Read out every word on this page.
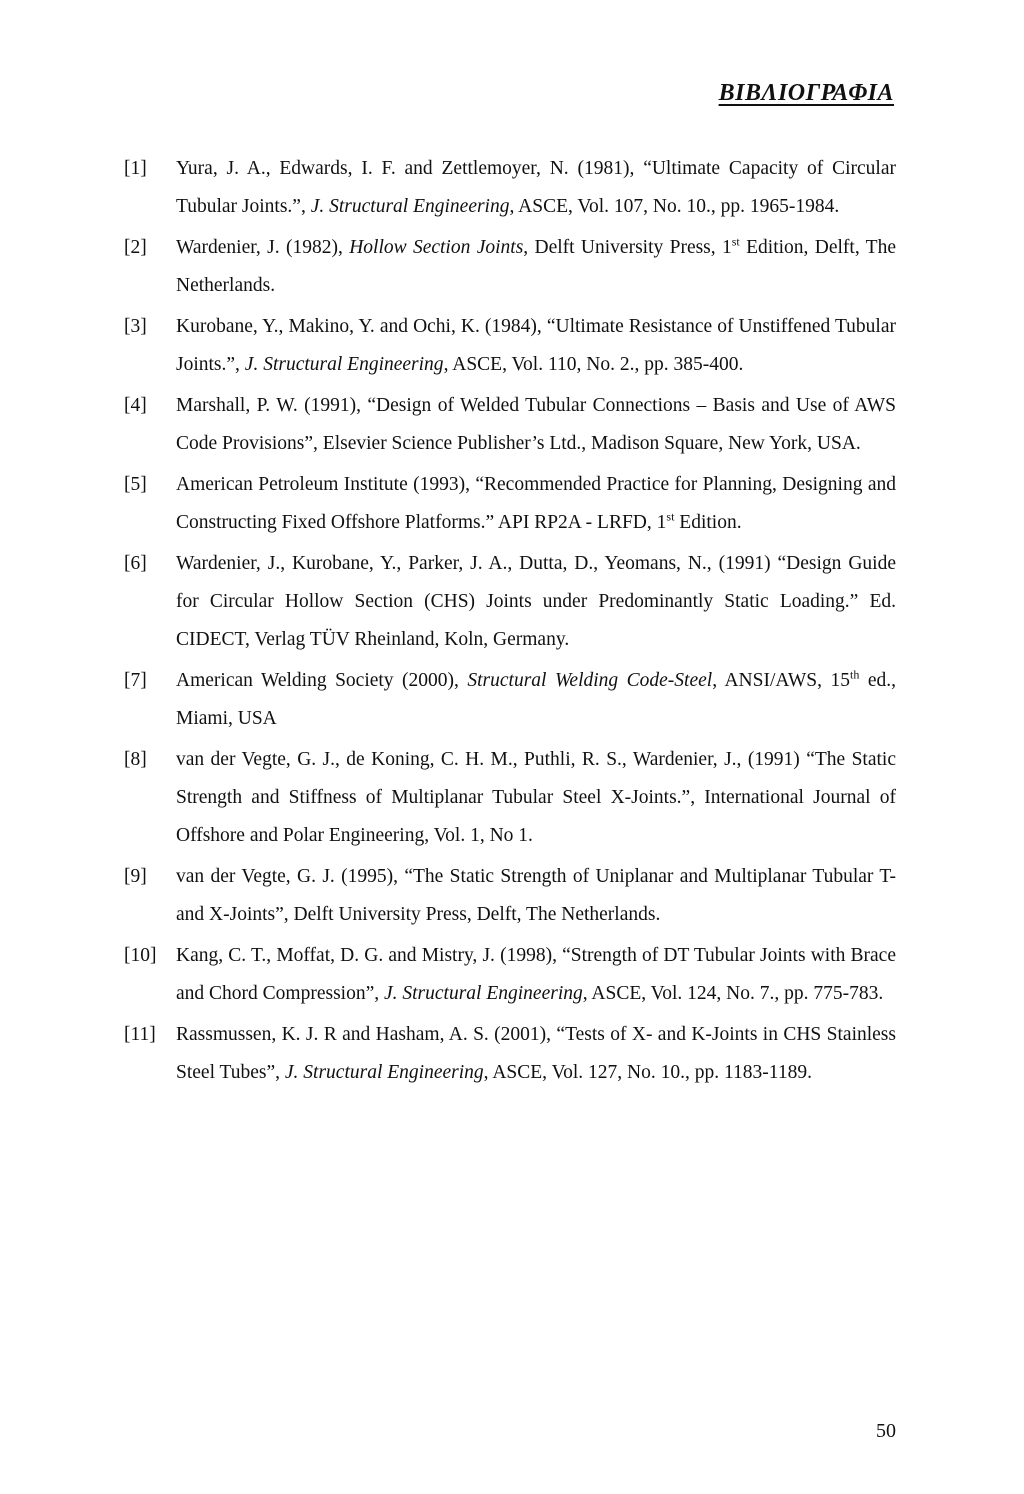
ΒΙΒΛΙΟΓΡΑΦΙΑ
[1]	Yura, J. A., Edwards, I. F. and Zettlemoyer, N. (1981), “Ultimate Capacity of Circular Tubular Joints.”, J. Structural Engineering, ASCE, Vol. 107, No. 10., pp. 1965-1984.
[2]	Wardenier, J. (1982), Hollow Section Joints, Delft University Press, 1st Edition, Delft, The Netherlands.
[3]	Kurobane, Y., Makino, Y. and Ochi, K. (1984), “Ultimate Resistance of Unstiffened Tubular Joints.”, J. Structural Engineering, ASCE, Vol. 110, No. 2., pp. 385-400.
[4]	Marshall, P. W. (1991), “Design of Welded Tubular Connections – Basis and Use of AWS Code Provisions”, Elsevier Science Publisher’s Ltd., Madison Square, New York, USA.
[5]	American Petroleum Institute (1993), “Recommended Practice for Planning, Designing and Constructing Fixed Offshore Platforms.” API RP2A - LRFD, 1st Edition.
[6]	Wardenier, J., Kurobane, Y., Parker, J. A., Dutta, D., Yeomans, N., (1991) “Design Guide for Circular Hollow Section (CHS) Joints under Predominantly Static Loading.” Ed. CIDECT, Verlag TÜV Rheinland, Koln, Germany.
[7]	American Welding Society (2000), Structural Welding Code-Steel, ANSI/AWS, 15th ed., Miami, USA
[8]	van der Vegte, G. J., de Koning, C. H. M., Puthli, R. S., Wardenier, J., (1991) “The Static Strength and Stiffness of Multiplanar Tubular Steel X-Joints.”, International Journal of Offshore and Polar Engineering, Vol. 1, No 1.
[9]	van der Vegte, G. J. (1995), “The Static Strength of Uniplanar and Multiplanar Tubular T- and X-Joints”, Delft University Press, Delft, The Netherlands.
[10]	Kang, C. T., Moffat, D. G. and Mistry, J. (1998), “Strength of DT Tubular Joints with Brace and Chord Compression”, J. Structural Engineering, ASCE, Vol. 124, No. 7., pp. 775-783.
[11]	Rassmussen, K. J. R and Hasham, A. S. (2001), “Tests of X- and K-Joints in CHS Stainless Steel Tubes”, J. Structural Engineering, ASCE, Vol. 127, No. 10., pp. 1183-1189.
50
